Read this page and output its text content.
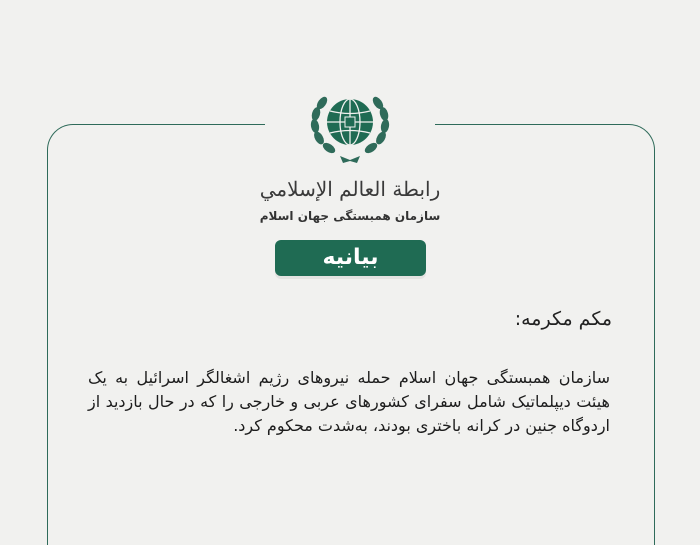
رابطة العالم الإسلامي
سازمان همبستگی جهان اسلام
بیانیه
مکم مکرمه:
سازمان همبستگی جهان اسلام حمله نیروهای رژیم اشغالگر اسرائیل به یک هیئت دیپلماتیک شامل سفرای کشورهای عربی و خارجی را که در حال بازدید از اردوگاه جنین در کرانه باختری بودند، به‌شدت محکوم کرد.
